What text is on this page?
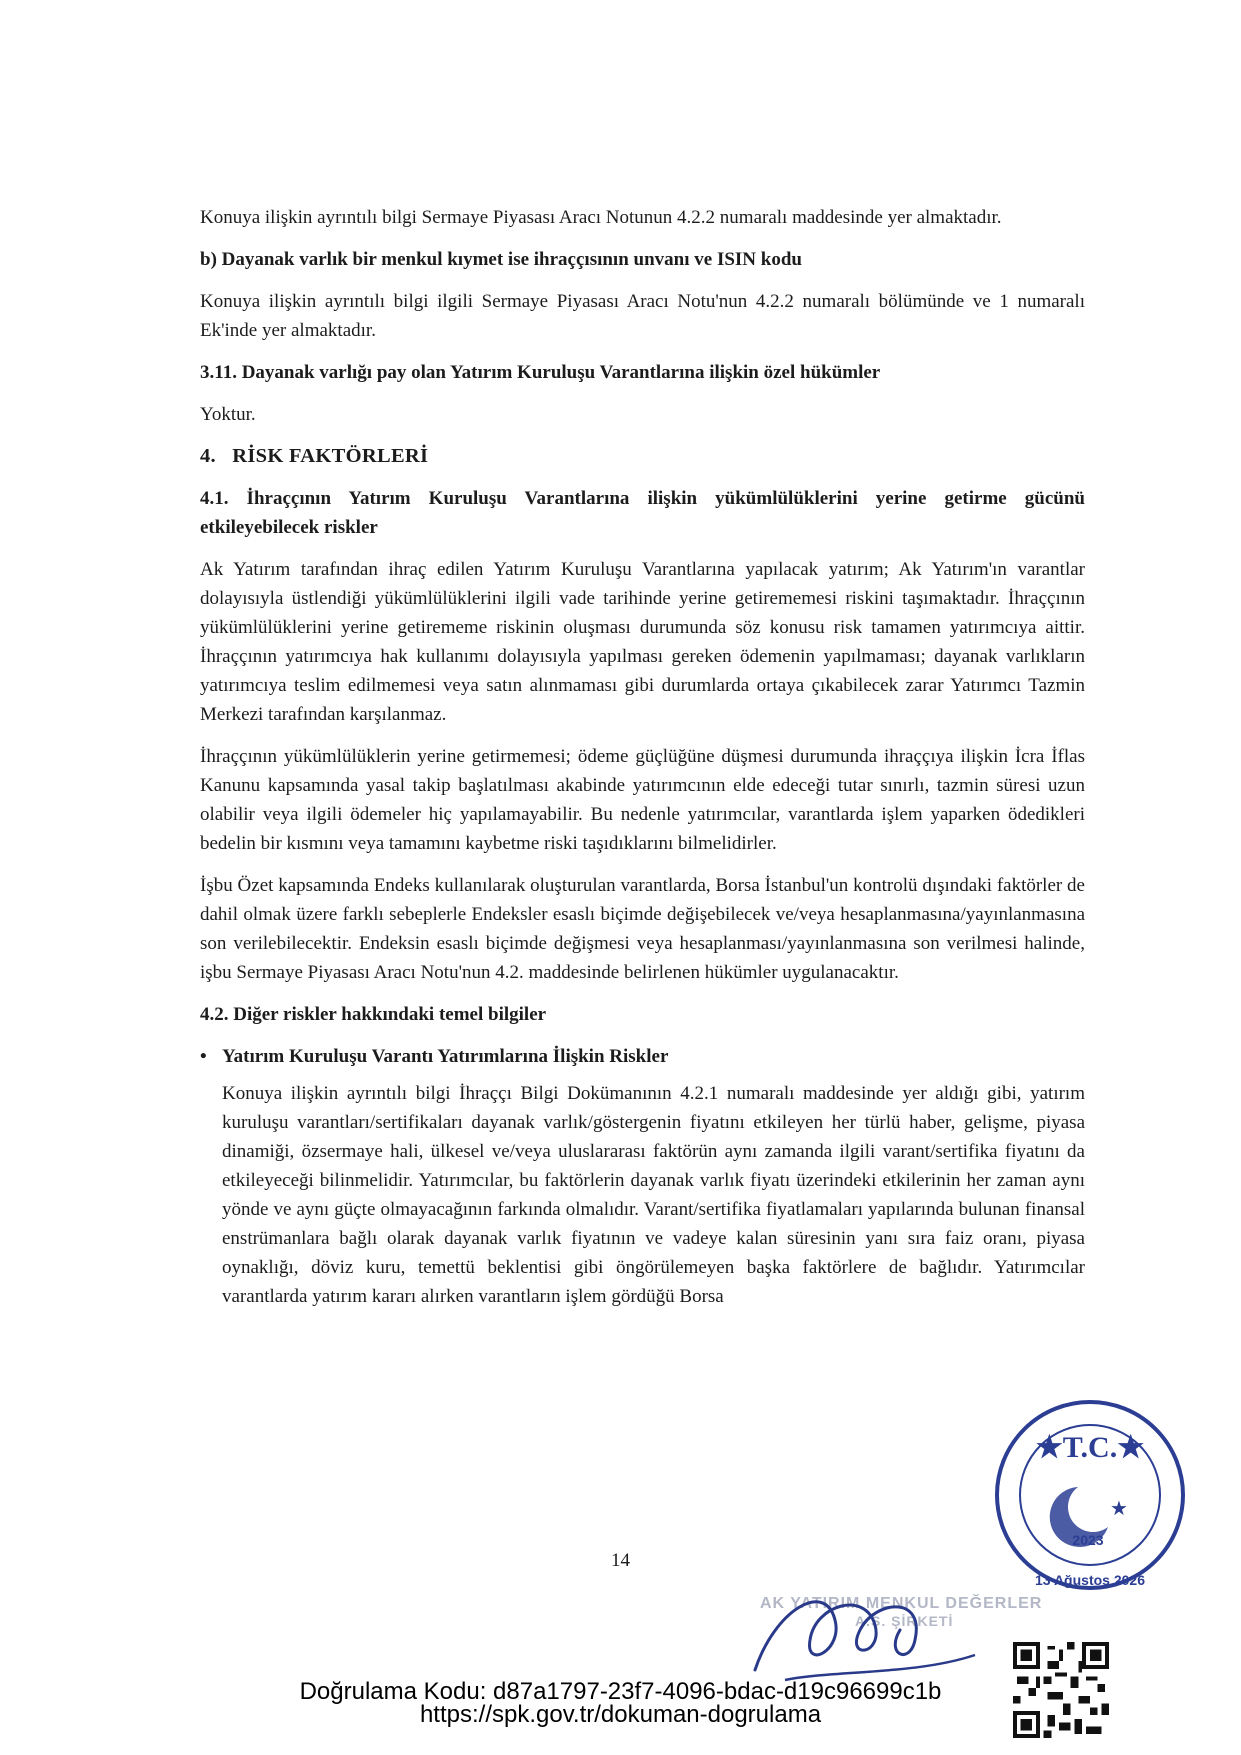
Konuya ilişkin ayrıntılı bilgi Sermaye Piyasası Aracı Notunun 4.2.2 numaralı maddesinde yer almaktadır.

b) Dayanak varlık bir menkul kıymet ise ihraççısının unvanı ve ISIN kodu

Konuya ilişkin ayrıntılı bilgi ilgili Sermaye Piyasası Aracı Notu'nun 4.2.2 numaralı bölümünde ve 1 numaralı Ek'inde yer almaktadır.

3.11. Dayanak varlığı pay olan Yatırım Kuruluşu Varantlarına ilişkin özel hükümler

Yoktur.

4.   RİSK FAKTÖRLERİ

4.1. İhraççının Yatırım Kuruluşu Varantlarına ilişkin yükümlülüklerini yerine getirme gücünü etkileyebilecek riskler

Ak Yatırım tarafından ihraç edilen Yatırım Kuruluşu Varantlarına yapılacak yatırım; Ak Yatırım'ın varantlar dolayısıyla üstlendiği yükümlülüklerini ilgili vade tarihinde yerine getirememesi riskini taşımaktadır. İhraççının yükümlülüklerini yerine getirememe riskinin oluşması durumunda söz konusu risk tamamen yatırımcıya aittir. İhraççının yatırımcıya hak kullanımı dolayısıyla yapılması gereken ödemenin yapılmaması; dayanak varlıkların yatırımcıya teslim edilmemesi veya satın alınmaması gibi durumlarda ortaya çıkabilecek zarar Yatırımcı Tazmin Merkezi tarafından karşılanmaz.

İhraççının yükümlülüklerin yerine getirmemesi; ödeme güçlüğüne düşmesi durumunda ihraççıya ilişkin İcra İflas Kanunu kapsamında yasal takip başlatılması akabinde yatırımcının elde edeceği tutar sınırlı, tazmin süresi uzun olabilir veya ilgili ödemeler hiç yapılamayabilir. Bu nedenle yatırımcılar, varantlarda işlem yaparken ödedikleri bedelin bir kısmını veya tamamını kaybetme riski taşıdıklarını bilmelidirler.

İşbu Özet kapsamında Endeks kullanılarak oluşturulan varantlarda, Borsa İstanbul'un kontrolü dışındaki faktörler de dahil olmak üzere farklı sebeplerle Endeksler esaslı biçimde değişebilecek ve/veya hesaplanmasına/yayınlanmasına son verilebilecektir. Endeksin esaslı biçimde değişmesi veya hesaplanması/yayınlanmasına son verilmesi halinde, işbu Sermaye Piyasası Aracı Notu'nun 4.2. maddesinde belirlenen hükümler uygulanacaktır.

4.2. Diğer riskler hakkındaki temel bilgiler

• Yatırım Kuruluşu Varantı Yatırımlarına İlişkin Riskler

Konuya ilişkin ayrıntılı bilgi İhraççı Bilgi Dokümanının 4.2.1 numaralı maddesinde yer aldığı gibi, yatırım kuruluşu varantları/sertifikaları dayanak varlık/göstergenin fiyatını etkileyen her türlü haber, gelişme, piyasa dinamiği, özsermaye hali, ülkesel ve/veya uluslararası faktörün aynı zamanda ilgili varant/sertifika fiyatını da etkileyeceği bilinmelidir. Yatırımcılar, bu faktörlerin dayanak varlık fiyatı üzerindeki etkilerinin her zaman aynı yönde ve aynı güçte olmayacağının farkında olmalıdır. Varant/sertifika fiyatlamaları yapılarında bulunan finansal enstrümanlara bağlı olarak dayanak varlık fiyatının ve vadeye kalan süresinin yanı sıra faiz oranı, piyasa oynaklığı, döviz kuru, temettü beklentisi gibi öngörülemeyen başka faktörlere de bağlıdır. Yatırımcılar varantlarda yatırım kararı alırken varantların işlem gördüğü Borsa

14
AK YATIRIM MENKUL DEĞERLER
A.Ş. ŞİRKETİ
★T.C.★
★
2023
13 Ağustos 2026
Doğrulama Kodu: d87a1797-23f7-4096-bdac-d19c96699c1b
https://spk.gov.tr/dokuman-dogrulama
